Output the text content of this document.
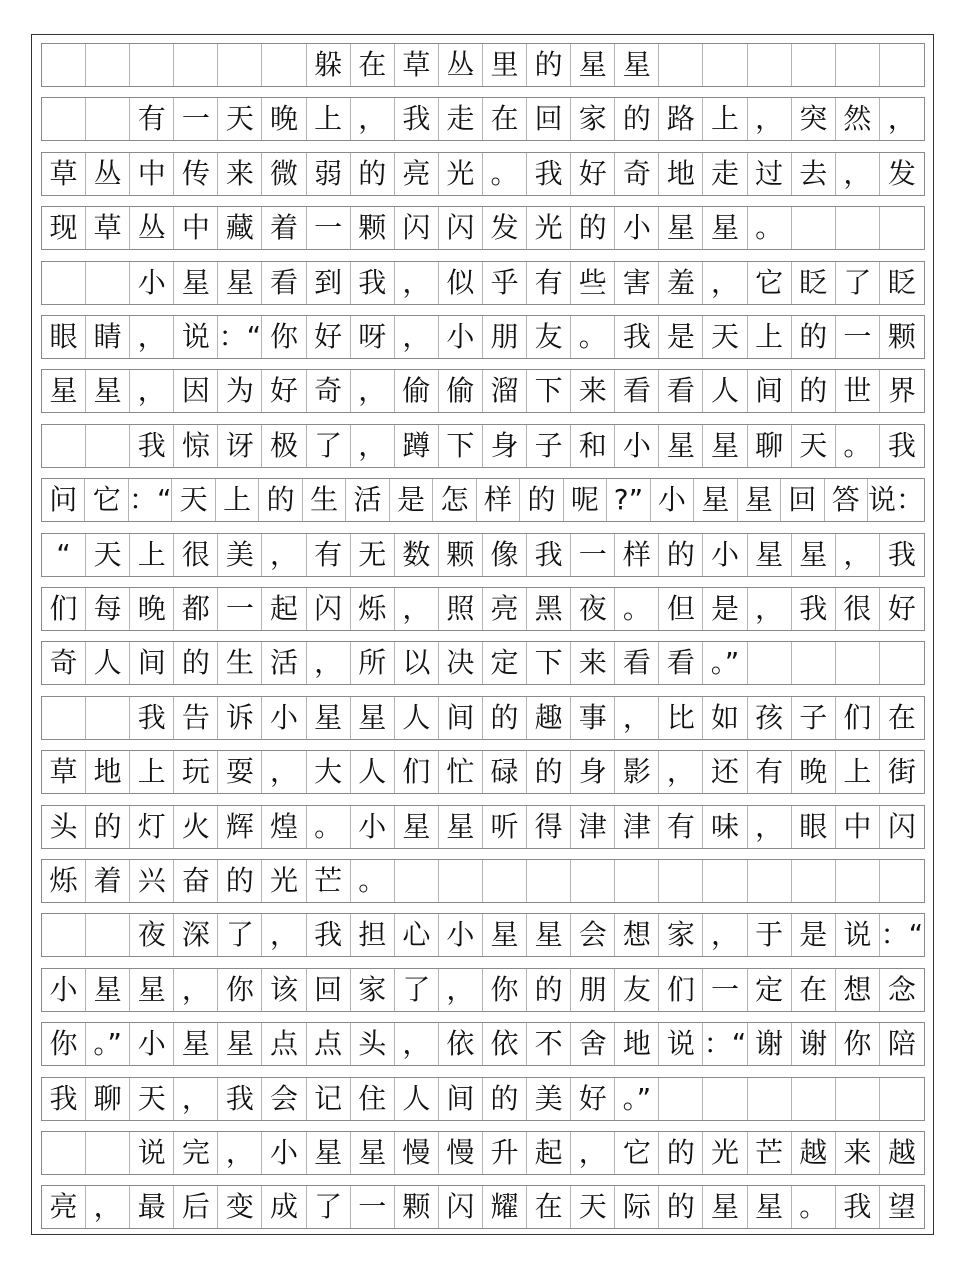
躲 在 草 丛 里 的 星 星
有 一 天 晚 上 ， 我 走 在 回 家 的 路 上 ， 突 然 ，
草 丛 中 传 来 微 弱 的 亮 光 。 我 好 奇 地 走 过 去 ， 发
现 草 丛 中 藏 着 一 颗 闪 闪 发 光 的 小 星 星 。
小 星 星 看 到 我 ， 似 乎 有 些 害 羞 ， 它 眨 了 眨
眼 睛 ， 说 ：“ 你 好 呀 ， 小 朋 友 。 我 是 天 上 的 一 颗
星 星 ， 因 为 好 奇 ， 偷 偷 溜 下 来 看 看 人 间 的 世 界
我 惊 讶 极 了 ， 蹲 下 身 子 和 小 星 星 聊 天 。 我
问 它 ：“ 天 上 的 生 活 是 怎 样 的 呢 ?” 小 星 星 回 答 说：
“ 天 上 很 美 ， 有 无 数 颗 像 我 一 样 的 小 星 星 ， 我
们 每 晚 都 一 起 闪 烁 ， 照 亮 黑 夜 。 但 是 ， 我 很 好
奇 人 间 的 生 活 ， 所 以 决 定 下 来 看 看 。”
我 告 诉 小 星 星 人 间 的 趣 事 ， 比 如 孩 子 们 在
草 地 上 玩 耍 ， 大 人 们 忙 碌 的 身 影 ， 还 有 晚 上 街
头 的 灯 火 辉 煌 。 小 星 星 听 得 津 津 有 味 ， 眼 中 闪
烁 着 兴 奋 的 光 芒 。
夜 深 了 ， 我 担 心 小 星 星 会 想 家 ， 于 是 说 ：“
小 星 星 ， 你 该 回 家 了 ， 你 的 朋 友 们 一 定 在 想 念
你 。” 小 星 星 点 点 头 ， 依 依 不 舍 地 说 ：“ 谢 谢 你 陪
我 聊 天 ， 我 会 记 住 人 间 的 美 好 。”
说 完 ， 小 星 星 慢 慢 升 起 ， 它 的 光 芒 越 来 越
亮 ， 最 后 变 成 了 一 颗 闪 耀 在 天 际 的 星 星 。 我 望
